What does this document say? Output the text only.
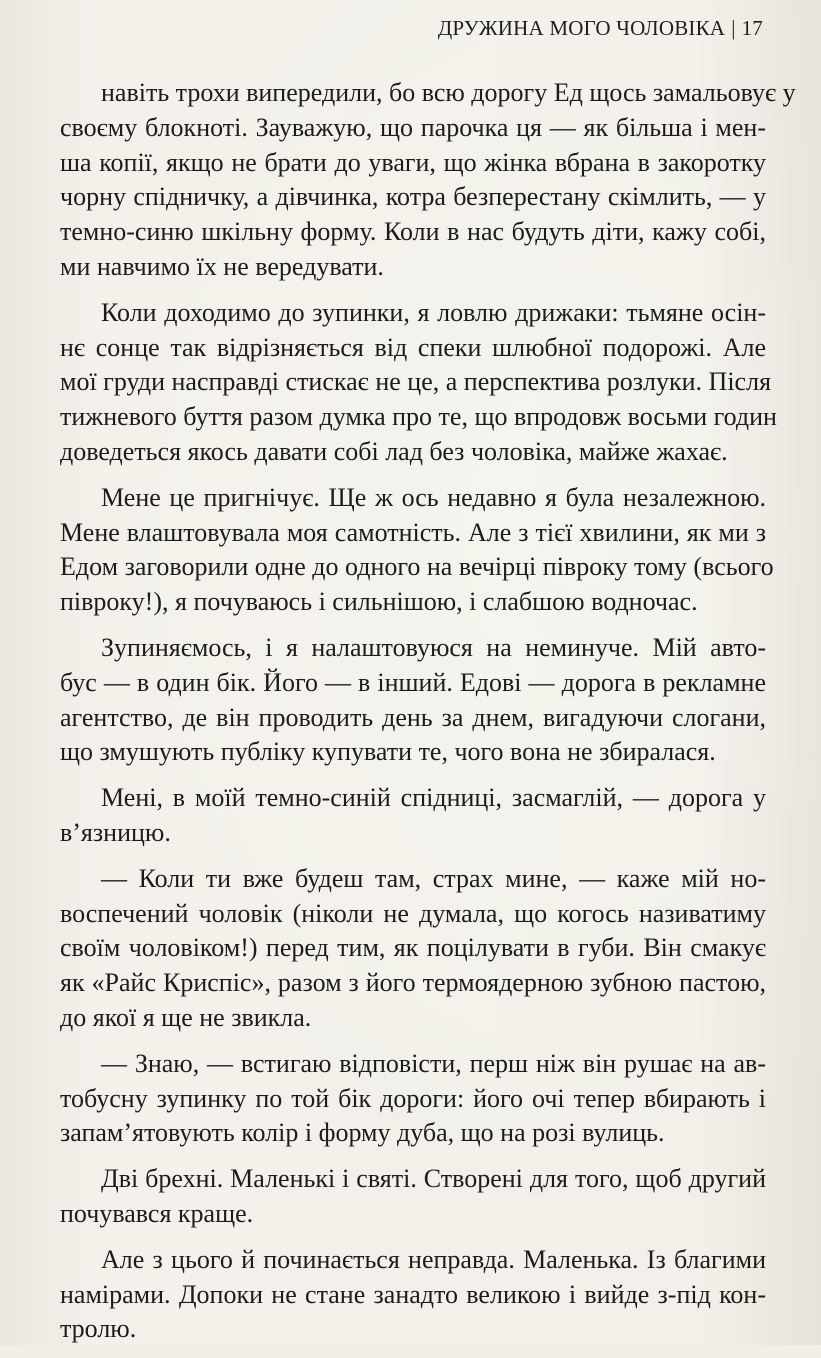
ДРУЖИНА МОГО ЧОЛОВІКА | 17

навіть трохи випередили, бо всю дорогу Ед щось замальовує у
своєму блокноті. Зауважую, що парочка ця — як більша і мен-
ша копії, якщо не брати до уваги, що жінка вбрана в закоротку
чорну спідничку, а дівчинка, котра безперестану скімлить, — у
темно-синю шкільну форму. Коли в нас будуть діти, кажу собі,
ми навчимо їх не вередувати.

Коли доходимо до зупинки, я ловлю дрижаки: тьмяне осін-
нє сонце так відрізняється від спеки шлюбної подорожі. Але
мої груди насправді стискає не це, а перспектива розлуки. Після
тижневого буття разом думка про те, що впродовж восьми годин
доведеться якось давати собі лад без чоловіка, майже жахає.

Мене це пригнічує. Ще ж ось недавно я була незалежною.
Мене влаштовувала моя самотність. Але з тієї хвилини, як ми з
Едом заговорили одне до одного на вечірці півроку тому (всього
півроку!), я почуваюсь і сильнішою, і слабшою водночас.

Зупиняємось, і я налаштовуюся на неминуче. Мій авто-
бус — в один бік. Його — в інший. Едові — дорога в рекламне
агентство, де він проводить день за днем, вигадуючи слогани,
що змушують публіку купувати те, чого вона не збиралася.

Мені, в моїй темно-синій спідниці, засмаглій, — дорога у
в’язницю.

— Коли ти вже будеш там, страх мине, — каже мій но-
воспечений чоловік (ніколи не думала, що когось називатиму
своїм чоловіком!) перед тим, як поцілувати в губи. Він смакує
як «Райс Криспіс», разом з його термоядерною зубною пастою,
до якої я ще не звикла.

— Знаю, — встигаю відповісти, перш ніж він рушає на ав-
тобусну зупинку по той бік дороги: його очі тепер вбирають і
запам’ятовують колір і форму дуба, що на розі вулиць.

Дві брехні. Маленькі і святі. Створені для того, щоб другий
почувався краще.

Але з цього й починається неправда. Маленька. Із благими
намірами. Допоки не стане занадто великою і вийде з-під кон-
тролю.
